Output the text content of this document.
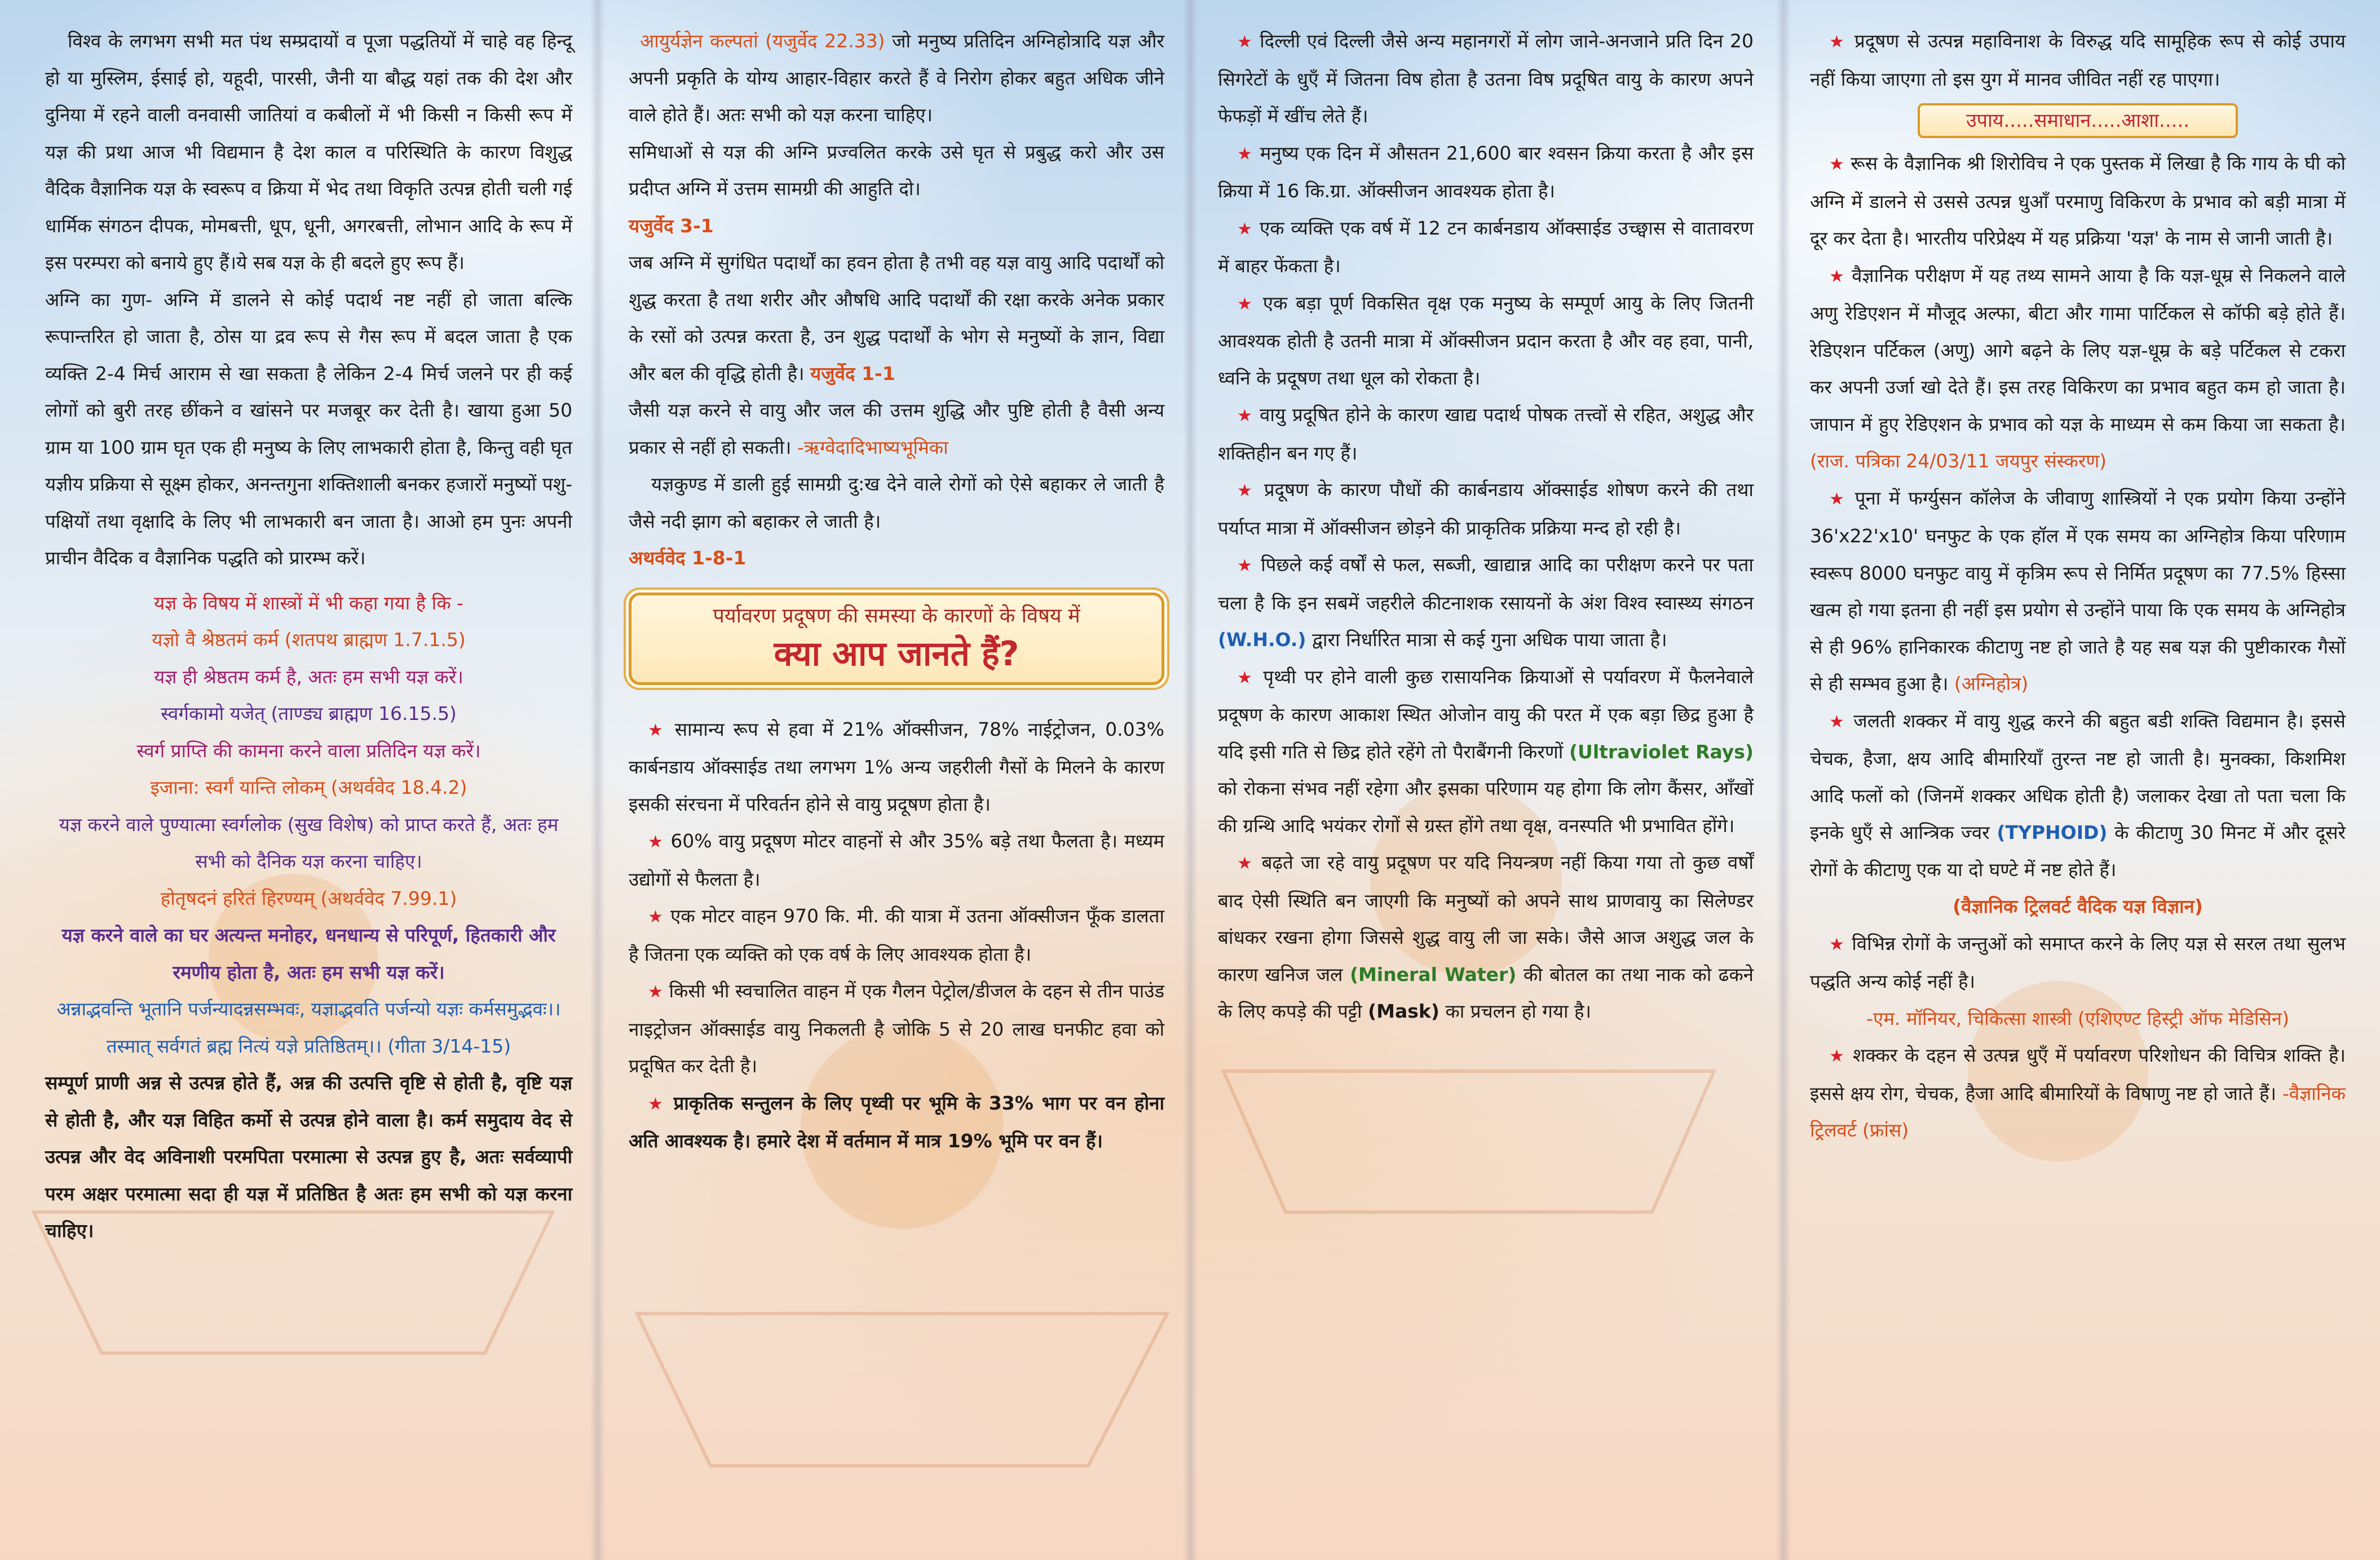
विश्व के लगभग सभी मत पंथ सम्प्रदायों व पूजा पद्धतियों में चाहे वह हिन्दू हो या मुस्लिम, ईसाई हो, यहूदी, पारसी, जैनी या बौद्ध यहां तक की देश और दुनिया में रहने वाली वनवासी जातियां व कबीलों में भी किसी न किसी रूप में यज्ञ की प्रथा आज भी विद्यमान है देश काल व परिस्थिति के कारण विशुद्ध वैदिक वैज्ञानिक यज्ञ के स्वरूप व क्रिया में भेद तथा विकृति उत्पन्न होती चली गई धार्मिक संगठन दीपक, मोमबत्ती, धूप, धूनी, अगरबत्ती, लोभान आदि के रूप में इस परम्परा को बनाये हुए हैं।ये सब यज्ञ के ही बदले हुए रूप हैं।

अग्नि का गुण- अग्नि में डालने से कोई पदार्थ नष्ट नहीं हो जाता बल्कि रूपान्तरित हो जाता है, ठोस या द्रव रूप से गैस रूप में बदल जाता है एक व्यक्ति 2-4 मिर्च आराम से खा सकता है लेकिन 2-4 मिर्च जलने पर ही कई लोगों को बुरी तरह छींकने व खांसने पर मजबूर कर देती है। खाया हुआ 50 ग्राम या 100 ग्राम घृत एक ही मनुष्य के लिए लाभकारी होता है, किन्तु वही घृत यज्ञीय प्रक्रिया से सूक्ष्म होकर, अनन्तगुना शक्तिशाली बनकर हजारों मनुष्यों पशु-पक्षियों तथा वृक्षादि के लिए भी लाभकारी बन जाता है। आओ हम पुनः अपनी प्राचीन वैदिक व वैज्ञानिक पद्धति को प्रारम्भ करें।

यज्ञ के विषय में शास्त्रों में भी कहा गया है कि -

यज्ञो वै श्रेष्ठतमं कर्म (शतपथ ब्राह्मण 1.7.1.5)

यज्ञ ही श्रेष्ठतम कर्म है, अतः हम सभी यज्ञ करें।

स्वर्गकामो यजेत् (ताण्ड्य ब्राह्मण 16.15.5)

स्वर्ग प्राप्ति की कामना करने वाला प्रतिदिन यज्ञ करें।

इजाना: स्वर्गं यान्ति लोकम् (अथर्ववेद 18.4.2)

यज्ञ करने वाले पुण्यात्मा स्वर्गलोक (सुख विशेष) को प्राप्त करते हैं, अतः हम सभी को दैनिक यज्ञ करना चाहिए।

होतृषदनं हरितं हिरण्यम् (अथर्ववेद 7.99.1)

यज्ञ करने वाले का घर अत्यन्त मनोहर, धनधान्य से परिपूर्ण, हितकारी और रमणीय होता है, अतः हम सभी यज्ञ करें।

अन्नाद्भवन्ति भूतानि पर्जन्यादन्नसम्भवः, यज्ञाद्भवति पर्जन्यो यज्ञः कर्मसमुद्भवः।। तस्मात् सर्वगतं ब्रह्म नित्यं यज्ञे प्रतिष्ठितम्।। (गीता 3/14-15)

सम्पूर्ण प्राणी अन्न से उत्पन्न होते हैं, अन्न की उत्पत्ति वृष्टि से होती है, वृष्टि यज्ञ से होती है, और यज्ञ विहित कर्मो से उत्पन्न होने वाला है। कर्म समुदाय वेद से उत्पन्न और वेद अविनाशी परमपिता परमात्मा से उत्पन्न हुए है, अतः सर्वव्यापी परम अक्षर परमात्मा सदा ही यज्ञ में प्रतिष्ठित है अतः हम सभी को यज्ञ करना चाहिए।

आयुर्यज्ञेन कल्पतां (यजुर्वेद 22.33) जो मनुष्य प्रतिदिन अग्निहोत्रादि यज्ञ और अपनी प्रकृति के योग्य आहार-विहार करते हैं वे निरोग होकर बहुत अधिक जीने वाले होते हैं। अतः सभी को यज्ञ करना चाहिए।

समिधाओं से यज्ञ की अग्नि प्रज्वलित करके उसे घृत से प्रबुद्ध करो और उस प्रदीप्त अग्नि में उत्तम सामग्री की आहुति दो।

यजुर्वेद 3-1

जब अग्नि में सुगंधित पदार्थों का हवन होता है तभी वह यज्ञ वायु आदि पदार्थों को शुद्ध करता है तथा शरीर और औषधि आदि पदार्थों की रक्षा करके अनेक प्रकार के रसों को उत्पन्न करता है, उन शुद्ध पदार्थों के भोग से मनुष्यों के ज्ञान, विद्या और बल की वृद्धि होती है। यजुर्वेद 1-1

जैसी यज्ञ करने से वायु और जल की उत्तम शुद्धि और पुष्टि होती है वैसी अन्य प्रकार से नहीं हो सकती। -ऋग्वेदादिभाष्यभूमिका

यज्ञकुण्ड में डाली हुई सामग्री दु:ख देने वाले रोगों को ऐसे बहाकर ले जाती है जैसे नदी झाग को बहाकर ले जाती है।

अथर्ववेद 1-8-1

पर्यावरण प्रदूषण की समस्या के कारणों के विषय में
क्या आप जानते हैं?

★ सामान्य रूप से हवा में 21% ऑक्सीजन, 78% नाईट्रोजन, 0.03% कार्बनडाय ऑक्साईड तथा लगभग 1% अन्य जहरीली गैसों के मिलने के कारण इसकी संरचना में परिवर्तन होने से वायु प्रदूषण होता है।

★ 60% वायु प्रदूषण मोटर वाहनों से और 35% बड़े तथा फैलता है। मध्यम उद्योगों से फैलता है।

★ एक मोटर वाहन 970 कि. मी. की यात्रा में उतना ऑक्सीजन फूँक डालता है जितना एक व्यक्ति को एक वर्ष के लिए आवश्यक होता है।

★ किसी भी स्वचालित वाहन में एक गैलन पेट्रोल/डीजल के दहन से तीन पाउंड नाइट्रोजन ऑक्साईड वायु निकलती है जोकि 5 से 20 लाख घनफीट हवा को प्रदूषित कर देती है।

★ प्राकृतिक सन्तुलन के लिए पृथ्वी पर भूमि के 33% भाग पर वन होना अति आवश्यक है। हमारे देश में वर्तमान में मात्र 19% भूमि पर वन हैं।

★ दिल्ली एवं दिल्ली जैसे अन्य महानगरों में लोग जाने-अनजाने प्रति दिन 20 सिगरेटों के धुएँ में जितना विष होता है उतना विष प्रदूषित वायु के कारण अपने फेफड़ों में खींच लेते हैं।

★ मनुष्य एक दिन में औसतन 21,600 बार श्वसन क्रिया करता है और इस क्रिया में 16 कि.ग्रा. ऑक्सीजन आवश्यक होता है।

★ एक व्यक्ति एक वर्ष में 12 टन कार्बनडाय ऑक्साईड उच्छ्वास से वातावरण में बाहर फेंकता है।

★ एक बड़ा पूर्ण विकसित वृक्ष एक मनुष्य के सम्पूर्ण आयु के लिए जितनी आवश्यक होती है उतनी मात्रा में ऑक्सीजन प्रदान करता है और वह हवा, पानी, ध्वनि के प्रदूषण तथा धूल को रोकता है।

★ वायु प्रदूषित होने के कारण खाद्य पदार्थ पोषक तत्त्वों से रहित, अशुद्ध और शक्तिहीन बन गए हैं।

★ प्रदूषण के कारण पौधों की कार्बनडाय ऑक्साईड शोषण करने की तथा पर्याप्त मात्रा में ऑक्सीजन छोड़ने की प्राकृतिक प्रक्रिया मन्द हो रही है।

★ पिछले कई वर्षों से फल, सब्जी, खाद्यान्न आदि का परीक्षण करने पर पता चला है कि इन सबमें जहरीले कीटनाशक रसायनों के अंश विश्व स्वास्थ्य संगठन (W.H.O.) द्वारा निर्धारित मात्रा से कई गुना अधिक पाया जाता है।

★ पृथ्वी पर होने वाली कुछ रासायनिक क्रियाओं से पर्यावरण में फैलनेवाले प्रदूषण के कारण आकाश स्थित ओजोन वायु की परत में एक बड़ा छिद्र हुआ है यदि इसी गति से छिद्र होते रहेंगे तो पैराबैंगनी किरणों (Ultraviolet Rays) को रोकना संभव नहीं रहेगा और इसका परिणाम यह होगा कि लोग कैंसर, आँखों की ग्रन्थि आदि भयंकर रोगों से ग्रस्त होंगे तथा वृक्ष, वनस्पति भी प्रभावित होंगे।

★ बढ़ते जा रहे वायु प्रदूषण पर यदि नियन्त्रण नहीं किया गया तो कुछ वर्षों बाद ऐसी स्थिति बन जाएगी कि मनुष्यों को अपने साथ प्राणवायु का सिलेण्डर बांधकर रखना होगा जिससे शुद्ध वायु ली जा सके। जैसे आज अशुद्ध जल के कारण खनिज जल (Mineral Water) की बोतल का तथा नाक को ढकने के लिए कपड़े की पट्टी (Mask) का प्रचलन हो गया है।

★ प्रदूषण से उत्पन्न महाविनाश के विरुद्ध यदि सामूहिक रूप से कोई उपाय नहीं किया जाएगा तो इस युग में मानव जीवित नहीं रह पाएगा।

उपाय.....समाधान.....आशा.....

★ रूस के वैज्ञानिक श्री शिरोविच ने एक पुस्तक में लिखा है कि गाय के घी को अग्नि में डालने से उससे उत्पन्न धुआँ परमाणु विकिरण के प्रभाव को बड़ी मात्रा में दूर कर देता है। भारतीय परिप्रेक्ष्य में यह प्रक्रिया 'यज्ञ' के नाम से जानी जाती है।

★ वैज्ञानिक परीक्षण में यह तथ्य सामने आया है कि यज्ञ-धूम्र से निकलने वाले अणु रेडिएशन में मौजूद अल्फा, बीटा और गामा पार्टिकल से कॉफी बड़े होते हैं। रेडिएशन पर्टिकल (अणु) आगे बढ़ने के लिए यज्ञ-धूम्र के बड़े पर्टिकल से टकरा कर अपनी उर्जा खो देते हैं। इस तरह विकिरण का प्रभाव बहुत कम हो जाता है। जापान में हुए रेडिएशन के प्रभाव को यज्ञ के माध्यम से कम किया जा सकता है। (राज. पत्रिका 24/03/11 जयपुर संस्करण)

★ पूना में फर्ग्युसन कॉलेज के जीवाणु शास्त्रियों ने एक प्रयोग किया उन्होंने 36'x22'x10' घनफुट के एक हॉल में एक समय का अग्निहोत्र किया परिणाम स्वरूप 8000 घनफुट वायु में कृत्रिम रूप से निर्मित प्रदूषण का 77.5% हिस्सा खत्म हो गया इतना ही नहीं इस प्रयोग से उन्होंने पाया कि एक समय के अग्निहोत्र से ही 96% हानिकारक कीटाणु नष्ट हो जाते है यह सब यज्ञ की पुष्टीकारक गैसों से ही सम्भव हुआ है। (अग्निहोत्र)

★ जलती शक्कर में वायु शुद्ध करने की बहुत बडी शक्ति विद्यमान है। इससे चेचक, हैजा, क्षय आदि बीमारियाँ तुरन्त नष्ट हो जाती है। मुनक्का, किशमिश आदि फलों को (जिनमें शक्कर अधिक होती है) जलाकर देखा तो पता चला कि इनके धुएँ से आन्त्रिक ज्वर (TYPHOID) के कीटाणु 30 मिनट में और दूसरे रोगों के कीटाणु एक या दो घण्टे में नष्ट होते हैं।

(वैज्ञानिक ट्रिलवर्ट वैदिक यज्ञ विज्ञान)

★ विभिन्न रोगों के जन्तुओं को समाप्त करने के लिए यज्ञ से सरल तथा सुलभ पद्धति अन्य कोई नहीं है।

-एम. मॉनियर, चिकित्सा शास्त्री (एशिएण्ट हिस्ट्री ऑफ मेडिसिन)

★ शक्कर के दहन से उत्पन्न धुएँ में पर्यावरण परिशोधन की विचित्र शक्ति है। इससे क्षय रोग, चेचक, हैजा आदि बीमारियों के विषाणु नष्ट हो जाते हैं। -वैज्ञानिक ट्रिलवर्ट (फ्रांस)
